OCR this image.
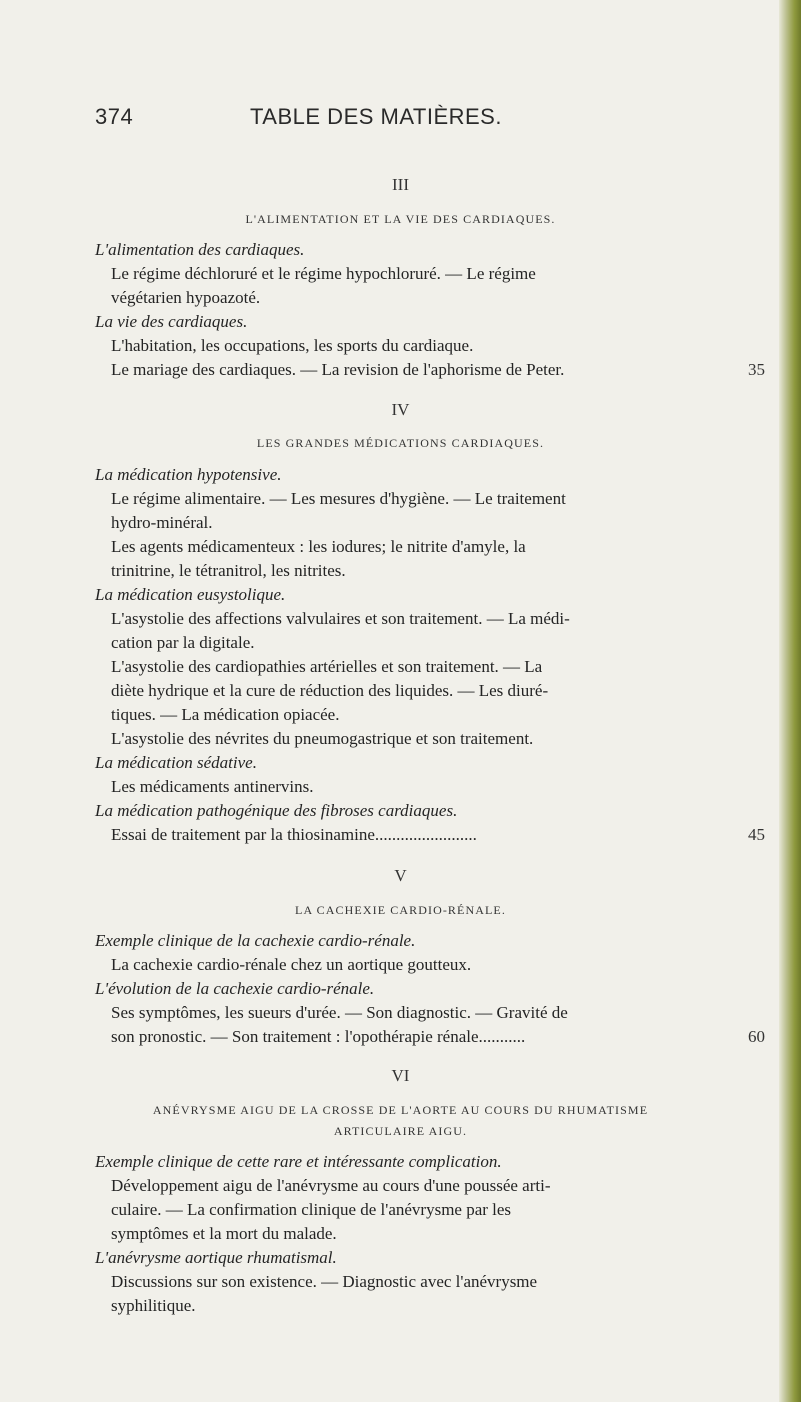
374	TABLE DES MATIÈRES.
III
L'ALIMENTATION ET LA VIE DES CARDIAQUES.
L'alimentation des cardiaques.
Le régime déchloruré et le régime hypochloruré. — Le régime
végétarien hypoazoté.
La vie des cardiaques.
L'habitation, les occupations, les sports du cardiaque.
Le mariage des cardiaques. — La revision de l'aphorisme de Peter.	35
IV
LES GRANDES MÉDICATIONS CARDIAQUES.
La médication hypotensive.
Le régime alimentaire. — Les mesures d'hygiène. — Le traitement
hydro-minéral.
Les agents médicamenteux : les iodures; le nitrite d'amyle, la
trinitrine, le tétranitrol, les nitrites.
La médication eusystolique.
L'asystolie des affections valvulaires et son traitement. — La médi-
cation par la digitale.
L'asystolie des cardiopathies artérielles et son traitement. — La
diète hydrique et la cure de réduction des liquides. — Les diuré-
tiques. — La médication opiacée.
L'asystolie des névrites du pneumogastrique et son traitement.
La médication sédative.
Les médicaments antinervins.
La médication pathogénique des fibroses cardiaques.
Essai de traitement par la thiosinamine........................	45
V
LA CACHEXIE CARDIO-RÉNALE.
Exemple clinique de la cachexie cardio-rénale.
La cachexie cardio-rénale chez un aortique goutteux.
L'évolution de la cachexie cardio-rénale.
Ses symptômes, les sueurs d'urée. — Son diagnostic. — Gravité de
son pronostic. — Son traitement : l'opothérapie rénale...........	60
VI
ANÉVRYSME AIGU DE LA CROSSE DE L'AORTE AU COURS DU RHUMATISME
ARTICULAIRE AIGU.
Exemple clinique de cette rare et intéressante complication.
Développement aigu de l'anévrysme au cours d'une poussée arti-
culaire. — La confirmation clinique de l'anévrysme par les
symptômes et la mort du malade.
L'anévrysme aortique rhumatismal.
Discussions sur son existence. — Diagnostic avec l'anévrysme
syphilitique.
